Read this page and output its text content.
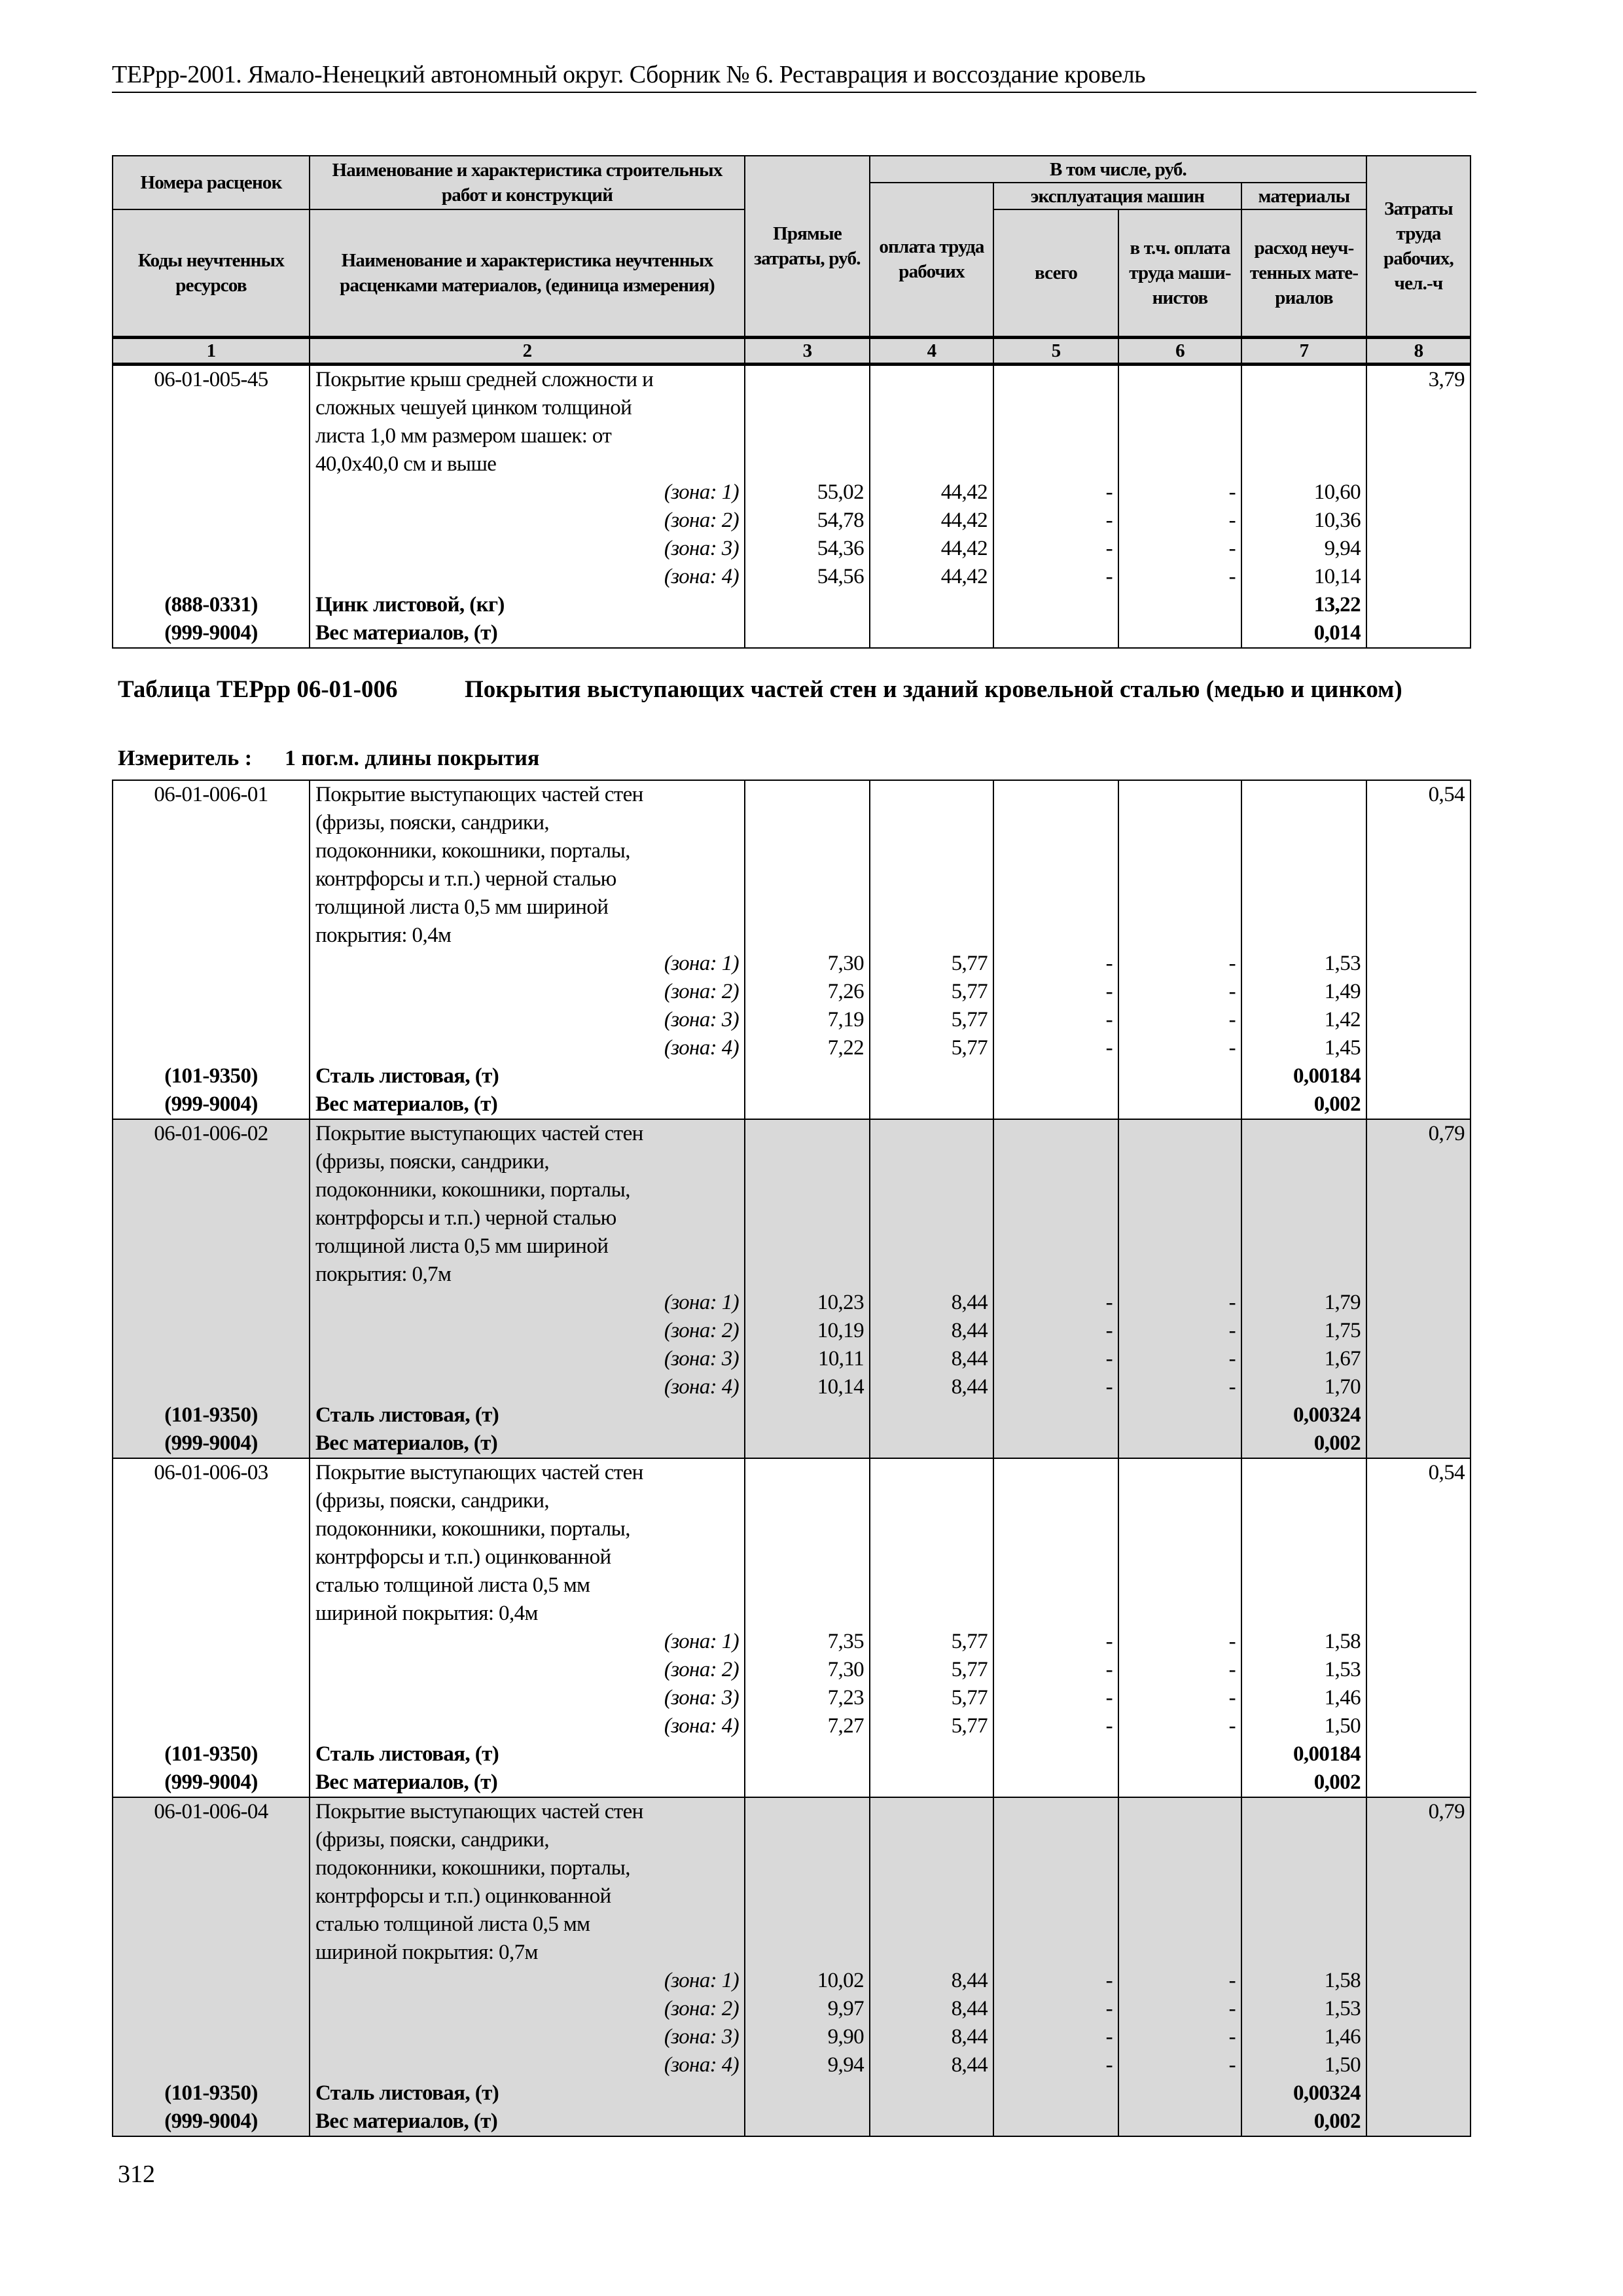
ТЕРрр-2001. Ямало-Ненецкий автономный округ. Сборник № 6. Реставрация и воссоздание кровель
Номера расценок	Наименование и характеристика строительных работ и конструкций	Прямые затраты, руб.	В том числе, руб.				Затраты труда рабочих, чел.-ч
			оплата труда рабочих	эксплуатация машин		материалы	
Коды неучтенных ресурсов	Наименование и характеристика неучтенных расценками материалов, (единица измерения)			всего	в т.ч. оплата труда маши-нистов	расход неуч-тенных мате-риалов	
1	2	3	4	5	6	7	8
06-01-005-45	Покрытие крыш средней сложности и						3,79
	сложных чешуей цинком толщиной						
	листа 1,0 мм размером шашек: от						
	40,0x40,0 см и выше						
	(зона: 1)	55,02	44,42	-	-	10,60	
	(зона: 2)	54,78	44,42	-	-	10,36	
	(зона: 3)	54,36	44,42	-	-	9,94	
	(зона: 4)	54,56	44,42	-	-	10,14	
(888-0331)	Цинк листовой, (кг)					13,22	
(999-9004)	Вес материалов, (т)					0,014	
Таблица ТЕРрр 06-01-006	Покрытия выступающих частей стен и зданий кровельной сталью (медью и цинком)
Измеритель : 1 пог.м. длины покрытия
06-01-006-01	Покрытие выступающих частей стен						0,54
	(фризы, пояски, сандрики,						
	подоконники, кокошники, порталы,						
	контрфорсы и т.п.) черной сталью						
	толщиной листа 0,5 мм шириной						
	покрытия: 0,4м						
	(зона: 1)	7,30	5,77	-	-	1,53	
	(зона: 2)	7,26	5,77	-	-	1,49	
	(зона: 3)	7,19	5,77	-	-	1,42	
	(зона: 4)	7,22	5,77	-	-	1,45	
(101-9350)	Сталь листовая, (т)					0,00184	
(999-9004)	Вес материалов, (т)					0,002	
06-01-006-02	Покрытие выступающих частей стен						0,79
	(фризы, пояски, сандрики,						
	подоконники, кокошники, порталы,						
	контрфорсы и т.п.) черной сталью						
	толщиной листа 0,5 мм шириной						
	покрытия: 0,7м						
	(зона: 1)	10,23	8,44	-	-	1,79	
	(зона: 2)	10,19	8,44	-	-	1,75	
	(зона: 3)	10,11	8,44	-	-	1,67	
	(зона: 4)	10,14	8,44	-	-	1,70	
(101-9350)	Сталь листовая, (т)					0,00324	
(999-9004)	Вес материалов, (т)					0,002	
06-01-006-03	Покрытие выступающих частей стен						0,54
	(фризы, пояски, сандрики,						
	подоконники, кокошники, порталы,						
	контрфорсы и т.п.) оцинкованной						
	сталью толщиной листа 0,5 мм						
	шириной покрытия: 0,4м						
	(зона: 1)	7,35	5,77	-	-	1,58	
	(зона: 2)	7,30	5,77	-	-	1,53	
	(зона: 3)	7,23	5,77	-	-	1,46	
	(зона: 4)	7,27	5,77	-	-	1,50	
(101-9350)	Сталь листовая, (т)					0,00184	
(999-9004)	Вес материалов, (т)					0,002	
06-01-006-04	Покрытие выступающих частей стен						0,79
	(фризы, пояски, сандрики,						
	подоконники, кокошники, порталы,						
	контрфорсы и т.п.) оцинкованной						
	сталью толщиной листа 0,5 мм						
	шириной покрытия: 0,7м						
	(зона: 1)	10,02	8,44	-	-	1,58	
	(зона: 2)	9,97	8,44	-	-	1,53	
	(зона: 3)	9,90	8,44	-	-	1,46	
	(зона: 4)	9,94	8,44	-	-	1,50	
(101-9350)	Сталь листовая, (т)					0,00324	
(999-9004)	Вес материалов, (т)					0,002	
312
